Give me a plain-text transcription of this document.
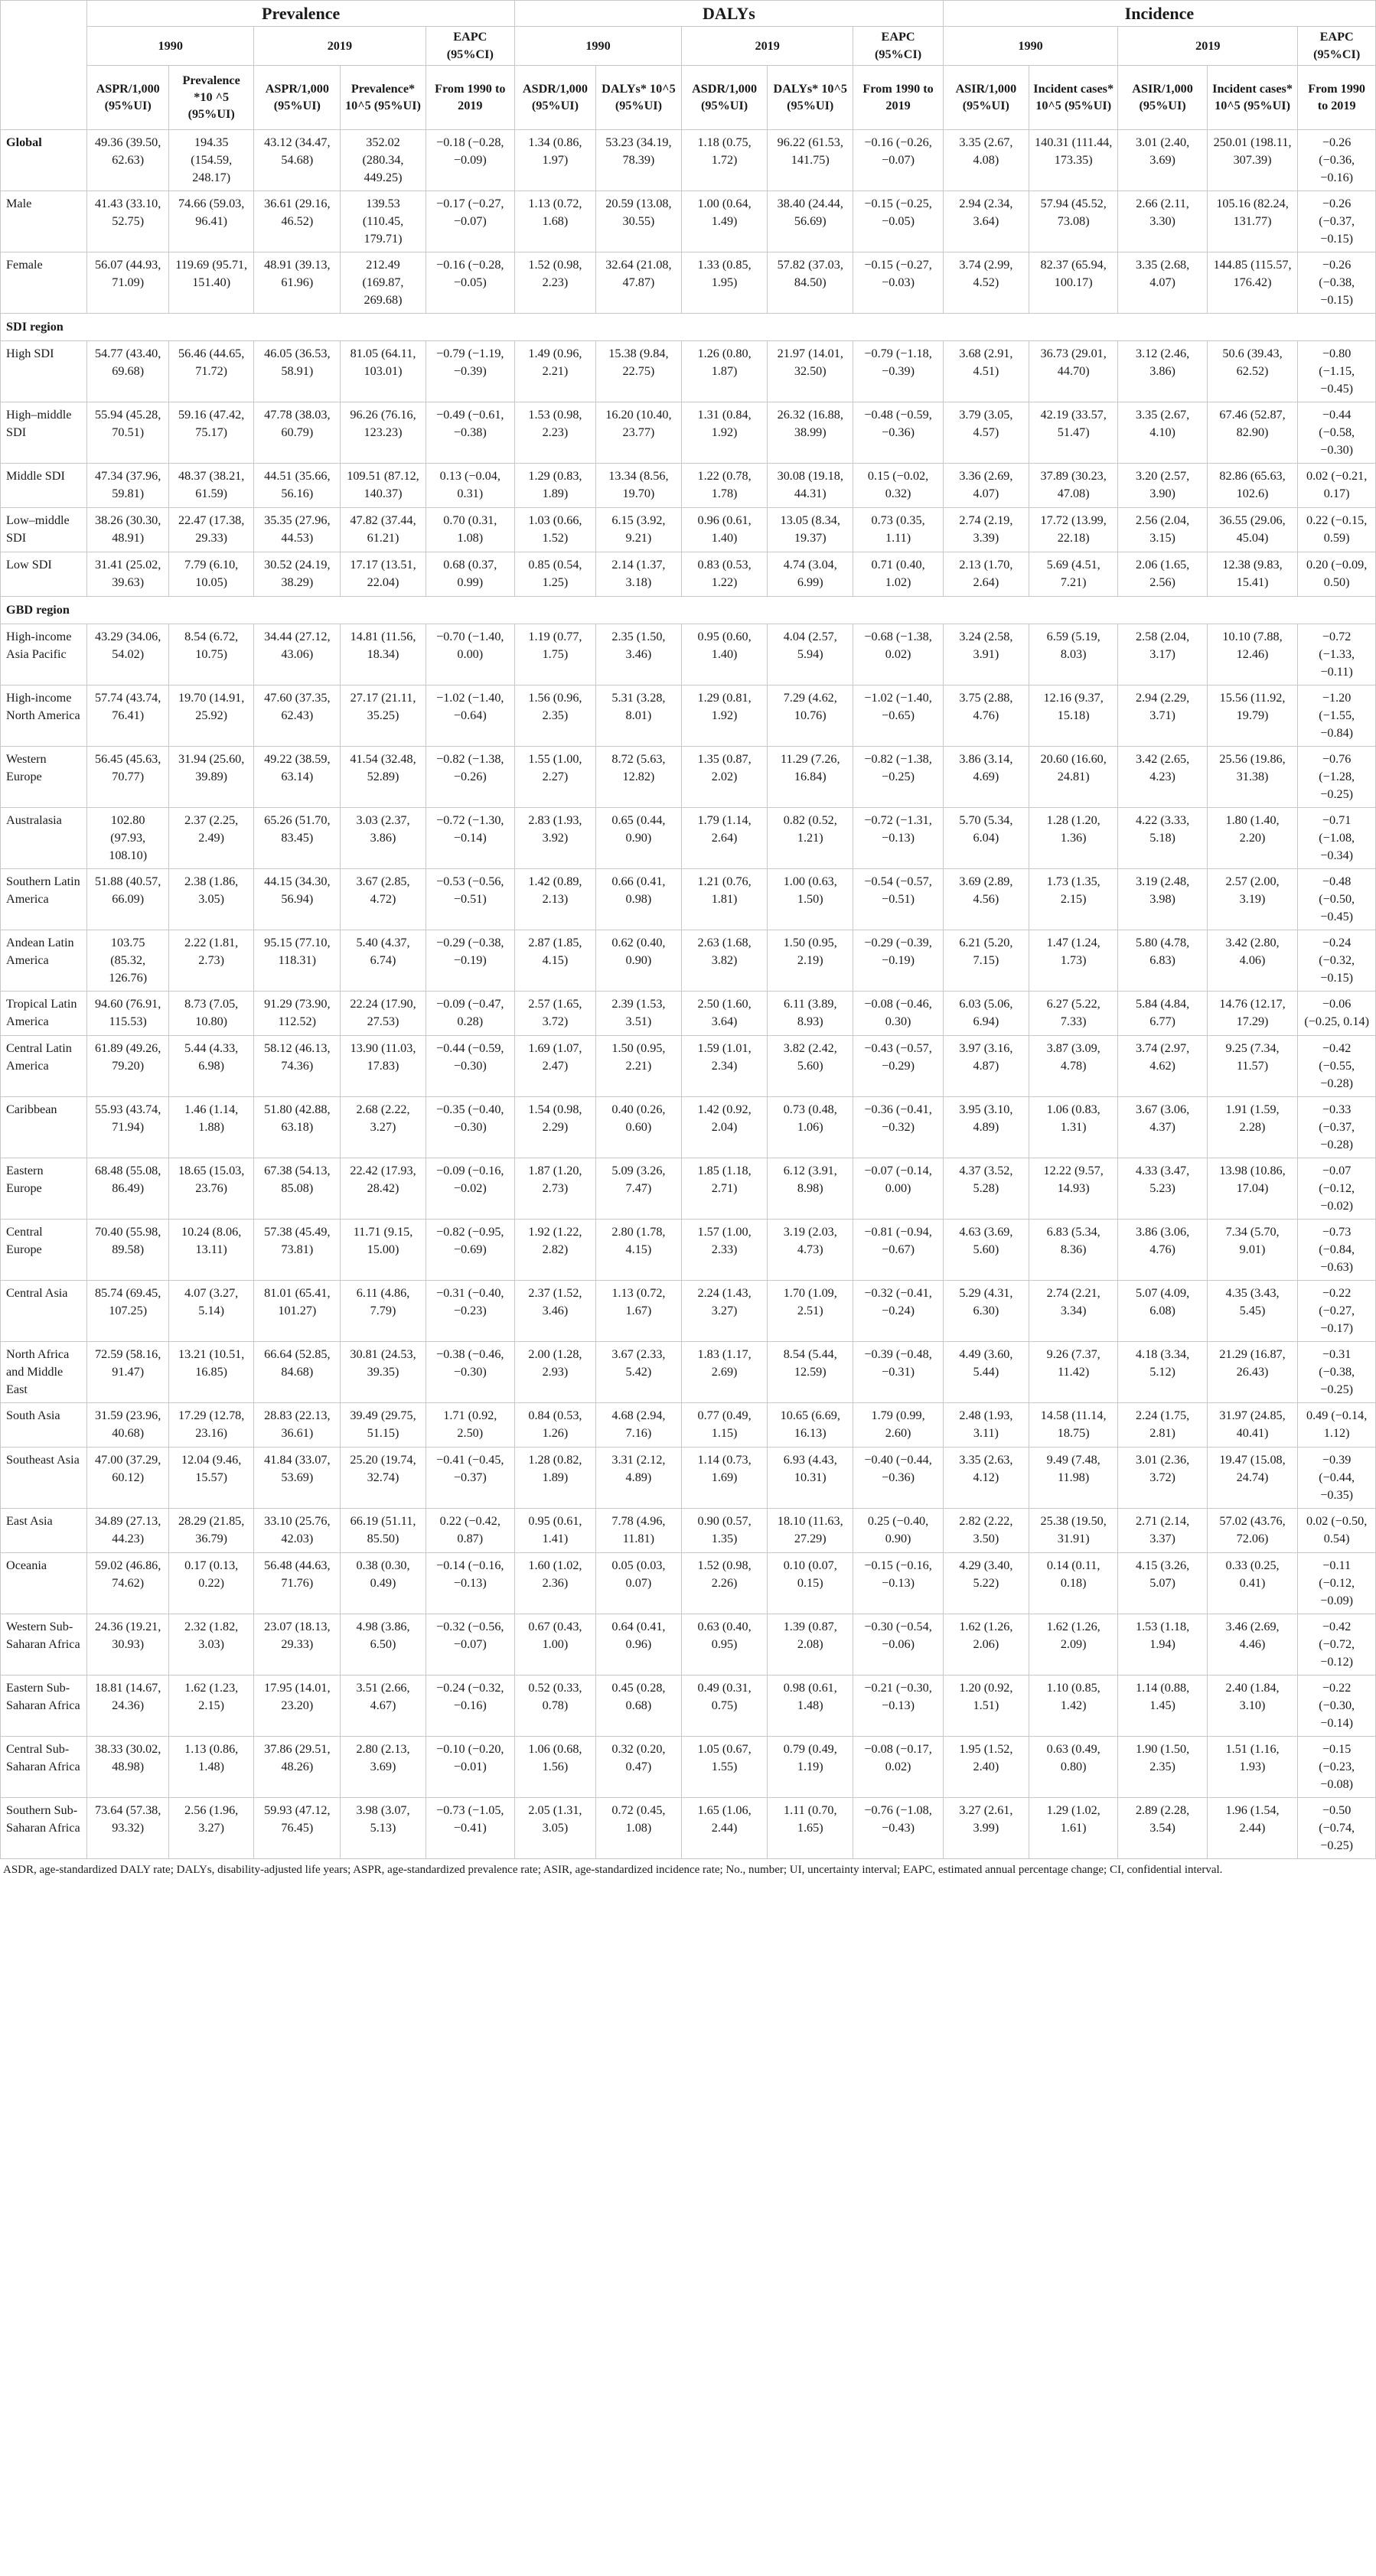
	Prevalence					DALYs					Incidence				
	1990		2019		EAPC (95%CI)	1990		2019		EAPC (95%CI)	1990		2019		EAPC (95%CI)
	ASPR/1,000 (95%UI)	Prevalence *10 ^5 (95%UI)	ASPR/1,000 (95%UI)	Prevalence* 10^5 (95%UI)	From 1990 to 2019	ASDR/1,000 (95%UI)	DALYs* 10^5 (95%UI)	ASDR/1,000 (95%UI)	DALYs* 10^5 (95%UI)	From 1990 to 2019	ASIR/1,000 (95%UI)	Incident cases* 10^5 (95%UI)	ASIR/1,000 (95%UI)	Incident cases* 10^5 (95%UI)	From 1990 to 2019
Global	49.36 (39.50, 62.63)	194.35 (154.59, 248.17)	43.12 (34.47, 54.68)	352.02 (280.34, 449.25)	−0.18 (−0.28, −0.09)	1.34 (0.86, 1.97)	53.23 (34.19, 78.39)	1.18 (0.75, 1.72)	96.22 (61.53, 141.75)	−0.16 (−0.26, −0.07)	3.35 (2.67, 4.08)	140.31 (111.44, 173.35)	3.01 (2.40, 3.69)	250.01 (198.11, 307.39)	−0.26 (−0.36, −0.16)
Male	41.43 (33.10, 52.75)	74.66 (59.03, 96.41)	36.61 (29.16, 46.52)	139.53 (110.45, 179.71)	−0.17 (−0.27, −0.07)	1.13 (0.72, 1.68)	20.59 (13.08, 30.55)	1.00 (0.64, 1.49)	38.40 (24.44, 56.69)	−0.15 (−0.25, −0.05)	2.94 (2.34, 3.64)	57.94 (45.52, 73.08)	2.66 (2.11, 3.30)	105.16 (82.24, 131.77)	−0.26 (−0.37, −0.15)
Female	56.07 (44.93, 71.09)	119.69 (95.71, 151.40)	48.91 (39.13, 61.96)	212.49 (169.87, 269.68)	−0.16 (−0.28, −0.05)	1.52 (0.98, 2.23)	32.64 (21.08, 47.87)	1.33 (0.85, 1.95)	57.82 (37.03, 84.50)	−0.15 (−0.27, −0.03)	3.74 (2.99, 4.52)	82.37 (65.94, 100.17)	3.35 (2.68, 4.07)	144.85 (115.57, 176.42)	−0.26 (−0.38, −0.15)
SDI region															
High SDI	54.77 (43.40, 69.68)	56.46 (44.65, 71.72)	46.05 (36.53, 58.91)	81.05 (64.11, 103.01)	−0.79 (−1.19, −0.39)	1.49 (0.96, 2.21)	15.38 (9.84, 22.75)	1.26 (0.80, 1.87)	21.97 (14.01, 32.50)	−0.79 (−1.18, −0.39)	3.68 (2.91, 4.51)	36.73 (29.01, 44.70)	3.12 (2.46, 3.86)	50.6 (39.43, 62.52)	−0.80 (−1.15, −0.45)
High–middle SDI	55.94 (45.28, 70.51)	59.16 (47.42, 75.17)	47.78 (38.03, 60.79)	96.26 (76.16, 123.23)	−0.49 (−0.61, −0.38)	1.53 (0.98, 2.23)	16.20 (10.40, 23.77)	1.31 (0.84, 1.92)	26.32 (16.88, 38.99)	−0.48 (−0.59, −0.36)	3.79 (3.05, 4.57)	42.19 (33.57, 51.47)	3.35 (2.67, 4.10)	67.46 (52.87, 82.90)	−0.44 (−0.58, −0.30)
Middle SDI	47.34 (37.96, 59.81)	48.37 (38.21, 61.59)	44.51 (35.66, 56.16)	109.51 (87.12, 140.37)	0.13 (−0.04, 0.31)	1.29 (0.83, 1.89)	13.34 (8.56, 19.70)	1.22 (0.78, 1.78)	30.08 (19.18, 44.31)	0.15 (−0.02, 0.32)	3.36 (2.69, 4.07)	37.89 (30.23, 47.08)	3.20 (2.57, 3.90)	82.86 (65.63, 102.6)	0.02 (−0.21, 0.17)
Low–middle SDI	38.26 (30.30, 48.91)	22.47 (17.38, 29.33)	35.35 (27.96, 44.53)	47.82 (37.44, 61.21)	0.70 (0.31, 1.08)	1.03 (0.66, 1.52)	6.15 (3.92, 9.21)	0.96 (0.61, 1.40)	13.05 (8.34, 19.37)	0.73 (0.35, 1.11)	2.74 (2.19, 3.39)	17.72 (13.99, 22.18)	2.56 (2.04, 3.15)	36.55 (29.06, 45.04)	0.22 (−0.15, 0.59)
Low SDI	31.41 (25.02, 39.63)	7.79 (6.10, 10.05)	30.52 (24.19, 38.29)	17.17 (13.51, 22.04)	0.68 (0.37, 0.99)	0.85 (0.54, 1.25)	2.14 (1.37, 3.18)	0.83 (0.53, 1.22)	4.74 (3.04, 6.99)	0.71 (0.40, 1.02)	2.13 (1.70, 2.64)	5.69 (4.51, 7.21)	2.06 (1.65, 2.56)	12.38 (9.83, 15.41)	0.20 (−0.09, 0.50)
GBD region															
High-income Asia Pacific	43.29 (34.06, 54.02)	8.54 (6.72, 10.75)	34.44 (27.12, 43.06)	14.81 (11.56, 18.34)	−0.70 (−1.40, 0.00)	1.19 (0.77, 1.75)	2.35 (1.50, 3.46)	0.95 (0.60, 1.40)	4.04 (2.57, 5.94)	−0.68 (−1.38, 0.02)	3.24 (2.58, 3.91)	6.59 (5.19, 8.03)	2.58 (2.04, 3.17)	10.10 (7.88, 12.46)	−0.72 (−1.33, −0.11)
High-income North America	57.74 (43.74, 76.41)	19.70 (14.91, 25.92)	47.60 (37.35, 62.43)	27.17 (21.11, 35.25)	−1.02 (−1.40, −0.64)	1.56 (0.96, 2.35)	5.31 (3.28, 8.01)	1.29 (0.81, 1.92)	7.29 (4.62, 10.76)	−1.02 (−1.40, −0.65)	3.75 (2.88, 4.76)	12.16 (9.37, 15.18)	2.94 (2.29, 3.71)	15.56 (11.92, 19.79)	−1.20 (−1.55, −0.84)
Western Europe	56.45 (45.63, 70.77)	31.94 (25.60, 39.89)	49.22 (38.59, 63.14)	41.54 (32.48, 52.89)	−0.82 (−1.38, −0.26)	1.55 (1.00, 2.27)	8.72 (5.63, 12.82)	1.35 (0.87, 2.02)	11.29 (7.26, 16.84)	−0.82 (−1.38, −0.25)	3.86 (3.14, 4.69)	20.60 (16.60, 24.81)	3.42 (2.65, 4.23)	25.56 (19.86, 31.38)	−0.76 (−1.28, −0.25)
Australasia	102.80 (97.93, 108.10)	2.37 (2.25, 2.49)	65.26 (51.70, 83.45)	3.03 (2.37, 3.86)	−0.72 (−1.30, −0.14)	2.83 (1.93, 3.92)	0.65 (0.44, 0.90)	1.79 (1.14, 2.64)	0.82 (0.52, 1.21)	−0.72 (−1.31, −0.13)	5.70 (5.34, 6.04)	1.28 (1.20, 1.36)	4.22 (3.33, 5.18)	1.80 (1.40, 2.20)	−0.71 (−1.08, −0.34)
Southern Latin America	51.88 (40.57, 66.09)	2.38 (1.86, 3.05)	44.15 (34.30, 56.94)	3.67 (2.85, 4.72)	−0.53 (−0.56, −0.51)	1.42 (0.89, 2.13)	0.66 (0.41, 0.98)	1.21 (0.76, 1.81)	1.00 (0.63, 1.50)	−0.54 (−0.57, −0.51)	3.69 (2.89, 4.56)	1.73 (1.35, 2.15)	3.19 (2.48, 3.98)	2.57 (2.00, 3.19)	−0.48 (−0.50, −0.45)
Andean Latin America	103.75 (85.32, 126.76)	2.22 (1.81, 2.73)	95.15 (77.10, 118.31)	5.40 (4.37, 6.74)	−0.29 (−0.38, −0.19)	2.87 (1.85, 4.15)	0.62 (0.40, 0.90)	2.63 (1.68, 3.82)	1.50 (0.95, 2.19)	−0.29 (−0.39, −0.19)	6.21 (5.20, 7.15)	1.47 (1.24, 1.73)	5.80 (4.78, 6.83)	3.42 (2.80, 4.06)	−0.24 (−0.32, −0.15)
Tropical Latin America	94.60 (76.91, 115.53)	8.73 (7.05, 10.80)	91.29 (73.90, 112.52)	22.24 (17.90, 27.53)	−0.09 (−0.47, 0.28)	2.57 (1.65, 3.72)	2.39 (1.53, 3.51)	2.50 (1.60, 3.64)	6.11 (3.89, 8.93)	−0.08 (−0.46, 0.30)	6.03 (5.06, 6.94)	6.27 (5.22, 7.33)	5.84 (4.84, 6.77)	14.76 (12.17, 17.29)	−0.06 (−0.25, 0.14)
Central Latin America	61.89 (49.26, 79.20)	5.44 (4.33, 6.98)	58.12 (46.13, 74.36)	13.90 (11.03, 17.83)	−0.44 (−0.59, −0.30)	1.69 (1.07, 2.47)	1.50 (0.95, 2.21)	1.59 (1.01, 2.34)	3.82 (2.42, 5.60)	−0.43 (−0.57, −0.29)	3.97 (3.16, 4.87)	3.87 (3.09, 4.78)	3.74 (2.97, 4.62)	9.25 (7.34, 11.57)	−0.42 (−0.55, −0.28)
Caribbean	55.93 (43.74, 71.94)	1.46 (1.14, 1.88)	51.80 (42.88, 63.18)	2.68 (2.22, 3.27)	−0.35 (−0.40, −0.30)	1.54 (0.98, 2.29)	0.40 (0.26, 0.60)	1.42 (0.92, 2.04)	0.73 (0.48, 1.06)	−0.36 (−0.41, −0.32)	3.95 (3.10, 4.89)	1.06 (0.83, 1.31)	3.67 (3.06, 4.37)	1.91 (1.59, 2.28)	−0.33 (−0.37, −0.28)
Eastern Europe	68.48 (55.08, 86.49)	18.65 (15.03, 23.76)	67.38 (54.13, 85.08)	22.42 (17.93, 28.42)	−0.09 (−0.16, −0.02)	1.87 (1.20, 2.73)	5.09 (3.26, 7.47)	1.85 (1.18, 2.71)	6.12 (3.91, 8.98)	−0.07 (−0.14, 0.00)	4.37 (3.52, 5.28)	12.22 (9.57, 14.93)	4.33 (3.47, 5.23)	13.98 (10.86, 17.04)	−0.07 (−0.12, −0.02)
Central Europe	70.40 (55.98, 89.58)	10.24 (8.06, 13.11)	57.38 (45.49, 73.81)	11.71 (9.15, 15.00)	−0.82 (−0.95, −0.69)	1.92 (1.22, 2.82)	2.80 (1.78, 4.15)	1.57 (1.00, 2.33)	3.19 (2.03, 4.73)	−0.81 (−0.94, −0.67)	4.63 (3.69, 5.60)	6.83 (5.34, 8.36)	3.86 (3.06, 4.76)	7.34 (5.70, 9.01)	−0.73 (−0.84, −0.63)
Central Asia	85.74 (69.45, 107.25)	4.07 (3.27, 5.14)	81.01 (65.41, 101.27)	6.11 (4.86, 7.79)	−0.31 (−0.40, −0.23)	2.37 (1.52, 3.46)	1.13 (0.72, 1.67)	2.24 (1.43, 3.27)	1.70 (1.09, 2.51)	−0.32 (−0.41, −0.24)	5.29 (4.31, 6.30)	2.74 (2.21, 3.34)	5.07 (4.09, 6.08)	4.35 (3.43, 5.45)	−0.22 (−0.27, −0.17)
North Africa and Middle East	72.59 (58.16, 91.47)	13.21 (10.51, 16.85)	66.64 (52.85, 84.68)	30.81 (24.53, 39.35)	−0.38 (−0.46, −0.30)	2.00 (1.28, 2.93)	3.67 (2.33, 5.42)	1.83 (1.17, 2.69)	8.54 (5.44, 12.59)	−0.39 (−0.48, −0.31)	4.49 (3.60, 5.44)	9.26 (7.37, 11.42)	4.18 (3.34, 5.12)	21.29 (16.87, 26.43)	−0.31 (−0.38, −0.25)
South Asia	31.59 (23.96, 40.68)	17.29 (12.78, 23.16)	28.83 (22.13, 36.61)	39.49 (29.75, 51.15)	1.71 (0.92, 2.50)	0.84 (0.53, 1.26)	4.68 (2.94, 7.16)	0.77 (0.49, 1.15)	10.65 (6.69, 16.13)	1.79 (0.99, 2.60)	2.48 (1.93, 3.11)	14.58 (11.14, 18.75)	2.24 (1.75, 2.81)	31.97 (24.85, 40.41)	0.49 (−0.14, 1.12)
Southeast Asia	47.00 (37.29, 60.12)	12.04 (9.46, 15.57)	41.84 (33.07, 53.69)	25.20 (19.74, 32.74)	−0.41 (−0.45, −0.37)	1.28 (0.82, 1.89)	3.31 (2.12, 4.89)	1.14 (0.73, 1.69)	6.93 (4.43, 10.31)	−0.40 (−0.44, −0.36)	3.35 (2.63, 4.12)	9.49 (7.48, 11.98)	3.01 (2.36, 3.72)	19.47 (15.08, 24.74)	−0.39 (−0.44, −0.35)
East Asia	34.89 (27.13, 44.23)	28.29 (21.85, 36.79)	33.10 (25.76, 42.03)	66.19 (51.11, 85.50)	0.22 (−0.42, 0.87)	0.95 (0.61, 1.41)	7.78 (4.96, 11.81)	0.90 (0.57, 1.35)	18.10 (11.63, 27.29)	0.25 (−0.40, 0.90)	2.82 (2.22, 3.50)	25.38 (19.50, 31.91)	2.71 (2.14, 3.37)	57.02 (43.76, 72.06)	0.02 (−0.50, 0.54)
Oceania	59.02 (46.86, 74.62)	0.17 (0.13, 0.22)	56.48 (44.63, 71.76)	0.38 (0.30, 0.49)	−0.14 (−0.16, −0.13)	1.60 (1.02, 2.36)	0.05 (0.03, 0.07)	1.52 (0.98, 2.26)	0.10 (0.07, 0.15)	−0.15 (−0.16, −0.13)	4.29 (3.40, 5.22)	0.14 (0.11, 0.18)	4.15 (3.26, 5.07)	0.33 (0.25, 0.41)	−0.11 (−0.12, −0.09)
Western Sub-Saharan Africa	24.36 (19.21, 30.93)	2.32 (1.82, 3.03)	23.07 (18.13, 29.33)	4.98 (3.86, 6.50)	−0.32 (−0.56, −0.07)	0.67 (0.43, 1.00)	0.64 (0.41, 0.96)	0.63 (0.40, 0.95)	1.39 (0.87, 2.08)	−0.30 (−0.54, −0.06)	1.62 (1.26, 2.06)	1.62 (1.26, 2.09)	1.53 (1.18, 1.94)	3.46 (2.69, 4.46)	−0.42 (−0.72, −0.12)
Eastern Sub-Saharan Africa	18.81 (14.67, 24.36)	1.62 (1.23, 2.15)	17.95 (14.01, 23.20)	3.51 (2.66, 4.67)	−0.24 (−0.32, −0.16)	0.52 (0.33, 0.78)	0.45 (0.28, 0.68)	0.49 (0.31, 0.75)	0.98 (0.61, 1.48)	−0.21 (−0.30, −0.13)	1.20 (0.92, 1.51)	1.10 (0.85, 1.42)	1.14 (0.88, 1.45)	2.40 (1.84, 3.10)	−0.22 (−0.30, −0.14)
Central Sub-Saharan Africa	38.33 (30.02, 48.98)	1.13 (0.86, 1.48)	37.86 (29.51, 48.26)	2.80 (2.13, 3.69)	−0.10 (−0.20, −0.01)	1.06 (0.68, 1.56)	0.32 (0.20, 0.47)	1.05 (0.67, 1.55)	0.79 (0.49, 1.19)	−0.08 (−0.17, 0.02)	1.95 (1.52, 2.40)	0.63 (0.49, 0.80)	1.90 (1.50, 2.35)	1.51 (1.16, 1.93)	−0.15 (−0.23, −0.08)
Southern Sub-Saharan Africa	73.64 (57.38, 93.32)	2.56 (1.96, 3.27)	59.93 (47.12, 76.45)	3.98 (3.07, 5.13)	−0.73 (−1.05, −0.41)	2.05 (1.31, 3.05)	0.72 (0.45, 1.08)	1.65 (1.06, 2.44)	1.11 (0.70, 1.65)	−0.76 (−1.08, −0.43)	3.27 (2.61, 3.99)	1.29 (1.02, 1.61)	2.89 (2.28, 3.54)	1.96 (1.54, 2.44)	−0.50 (−0.74, −0.25)
ASDR, age-standardized DALY rate; DALYs, disability-adjusted life years; ASPR, age-standardized prevalence rate; ASIR, age-standardized incidence rate; No., number; UI, uncertainty interval; EAPC, estimated annual percentage change; CI, confidential interval.
